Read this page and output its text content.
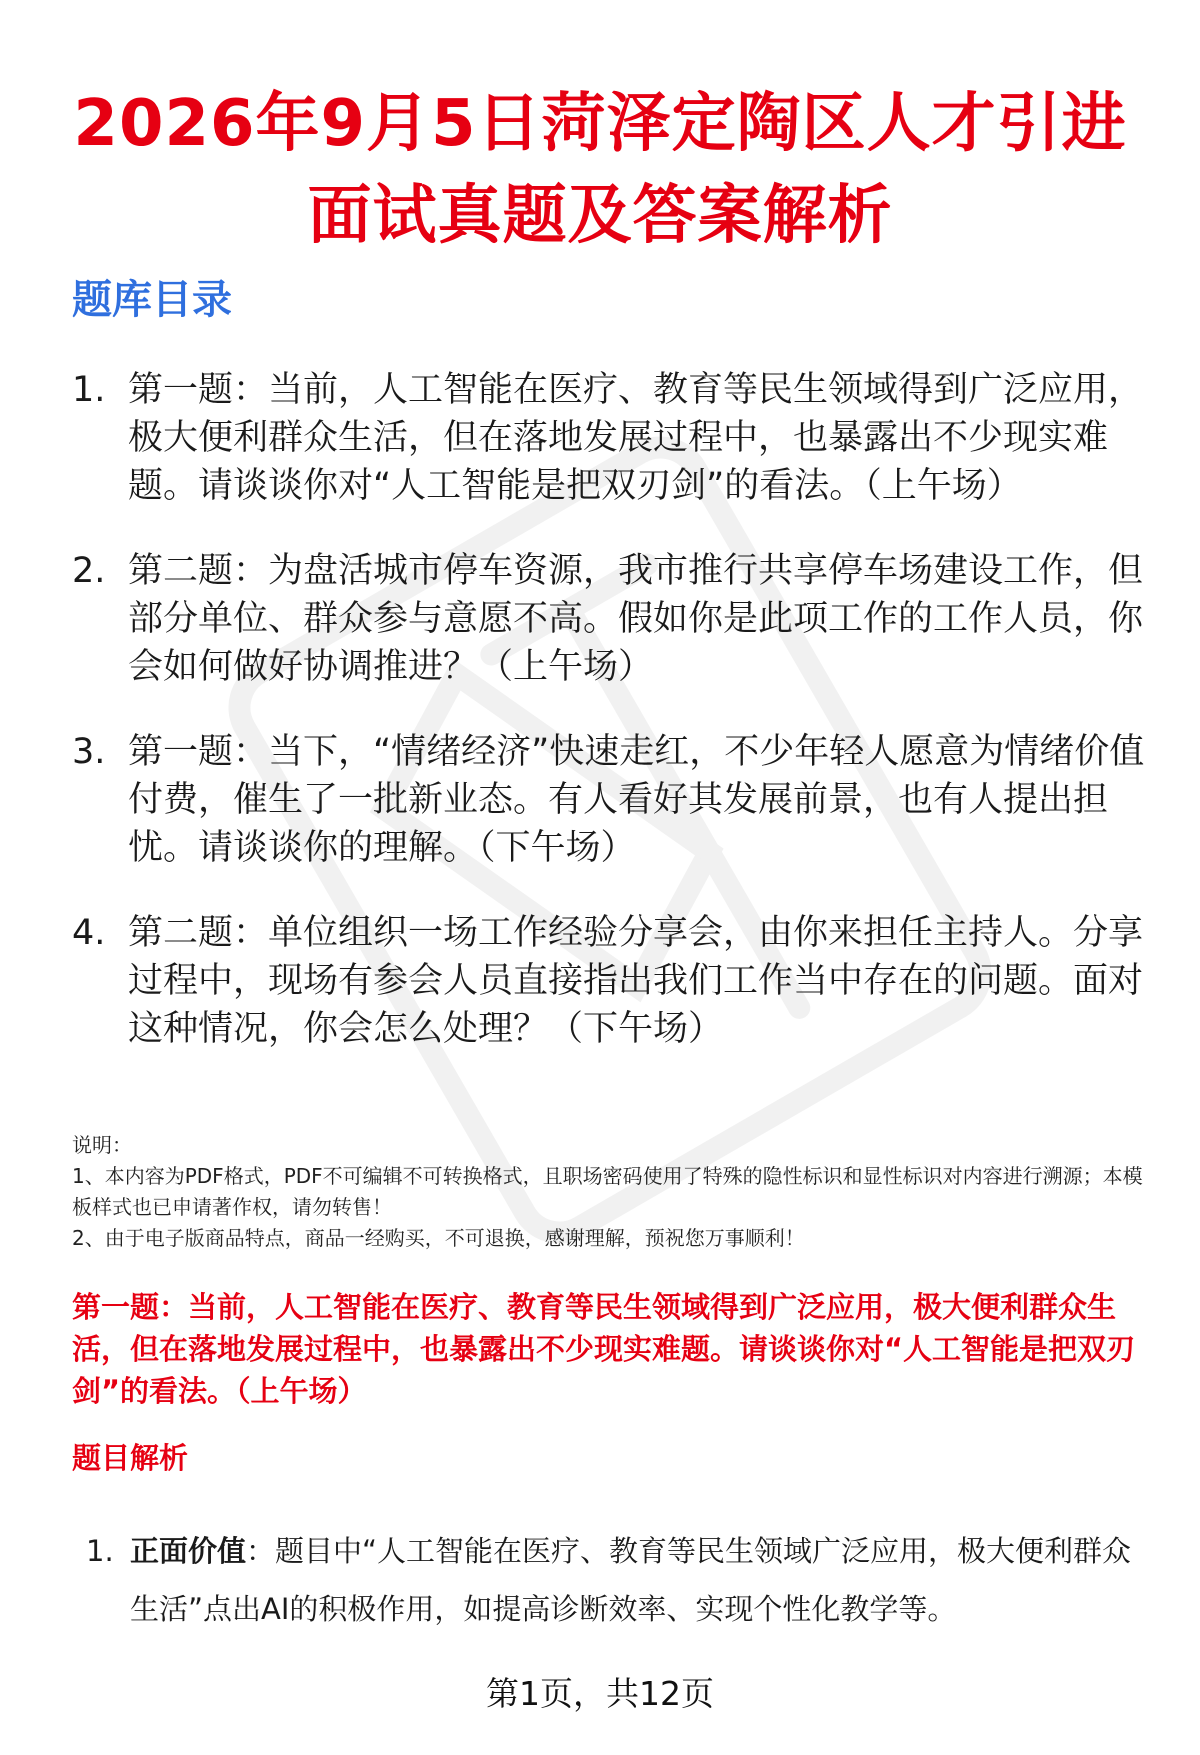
2026年9月5日菏泽定陶区人才引进
面试真题及答案解析
题库目录
1. 第一题：当前，人工智能在医疗、教育等民生领域得到广泛应用，极大便利群众生活，但在落地发展过程中，也暴露出不少现实难题。请谈谈你对“人工智能是把双刃剑”的看法。（上午场）
2. 第二题：为盘活城市停车资源，我市推行共享停车场建设工作，但部分单位、群众参与意愿不高。假如你是此项工作的工作人员，你会如何做好协调推进？（上午场）
3. 第一题：当下，“情绪经济”快速走红，不少年轻人愿意为情绪价值付费，催生了一批新业态。有人看好其发展前景，也有人提出担忧。请谈谈你的理解。（下午场）
4. 第二题：单位组织一场工作经验分享会，由你来担任主持人。分享过程中，现场有参会人员直接指出我们工作当中存在的问题。面对这种情况，你会怎么处理？（下午场）

说明：

1、本内容为PDF格式，PDF不可编辑不可转换格式，且职场密码使用了特殊的隐性标识和显性标识对内容进行溯源；本模板样式也已申请著作权，请勿转售！

2、由于电子版商品特点，商品一经购买，不可退换，感谢理解，预祝您万事顺利！

第一题：当前，人工智能在医疗、教育等民生领域得到广泛应用，极大便利群众生活，但在落地发展过程中，也暴露出不少现实难题。请谈谈你对“人工智能是把双刃剑”的看法。（上午场）
题目解析
1. 正面价值：题目中“人工智能在医疗、教育等民生领域广泛应用，极大便利群众生活”点出AI的积极作用，如提高诊断效率、实现个性化教学等。
第1页，共12页
